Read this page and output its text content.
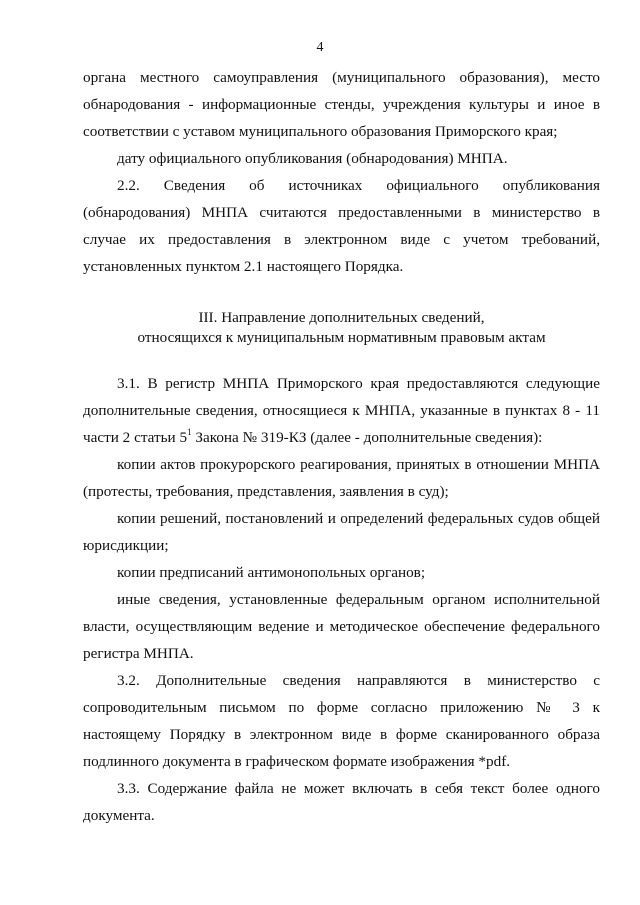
4

органа местного самоуправления (муниципального образования), место обнародования - информационные стенды, учреждения культуры и иное в соответствии с уставом муниципального образования Приморского края;

дату официального опубликования (обнародования) МНПА.

2.2. Сведения об источниках официального опубликования (обнародования) МНПА считаются предоставленными в министерство в случае их предоставления в электронном виде с учетом требований, установленных пунктом 2.1 настоящего Порядка.

III. Направление дополнительных сведений,

относящихся к муниципальным нормативным правовым актам

3.1. В регистр МНПА Приморского края предоставляются следующие дополнительные сведения, относящиеся к МНПА, указанные в пунктах 8 - 11 части 2 статьи $5^1$ Закона № 319-КЗ (далее - дополнительные сведения):

копии актов прокурорского реагирования, принятых в отношении МНПА (протесты, требования, представления, заявления в суд);

копии решений, постановлений и определений федеральных судов общей юрисдикции;

копии предписаний антимонопольных органов;

иные сведения, установленные федеральным органом исполнительной власти, осуществляющим ведение и методическое обеспечение федерального регистра МНПА.

3.2. Дополнительные сведения направляются в министерство с сопроводительным письмом по форме согласно приложению № 3 к настоящему Порядку в электронном виде в форме сканированного образа подлинного документа в графическом формате изображения *pdf.

3.3. Содержание файла не может включать в себя текст более одного документа.
